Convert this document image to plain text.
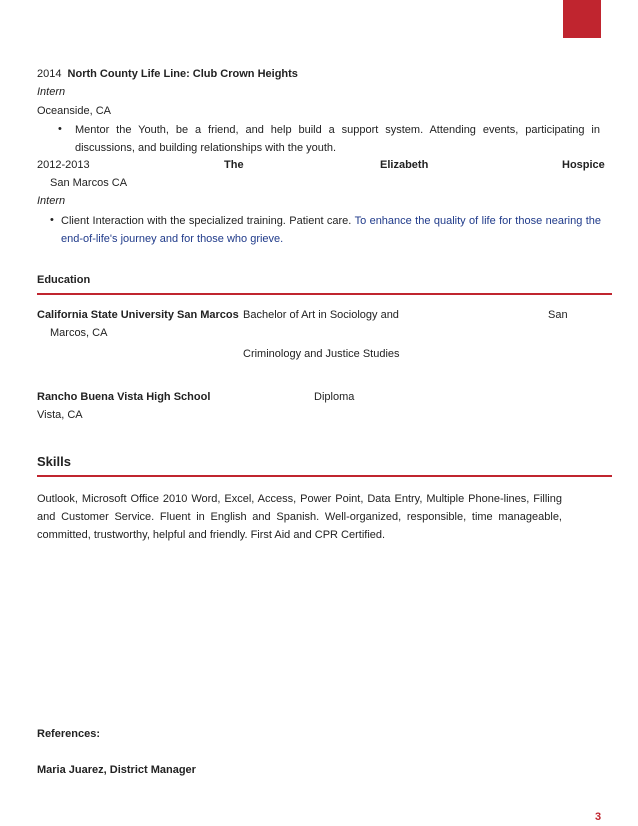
2014 North County Life Line: Club Crown Heights
Intern
Oceanside, CA
• Mentor the Youth, be a friend, and help build a support system. Attending events, participating in discussions, and building relationships with the youth.
2012-2013	The	Elizabeth	Hospice
San Marcos CA
Intern
• Client Interaction with the specialized training. Patient care. To enhance the quality of life for those nearing the end-of-life's journey and for those who grieve.
Education
California State University San Marcos Bachelor of Art in Sociology and	San
Marcos, CA
Criminology and Justice Studies
Rancho Buena Vista High School	Diploma
Vista, CA
Skills
Outlook, Microsoft Office 2010 Word, Excel, Access, Power Point, Data Entry, Multiple Phone-lines, Filling and Customer Service. Fluent in English and Spanish. Well-organized, responsible, time manageable, committed, trustworthy, helpful and friendly. First Aid and CPR Certified.
References:
Maria Juarez, District Manager
3
